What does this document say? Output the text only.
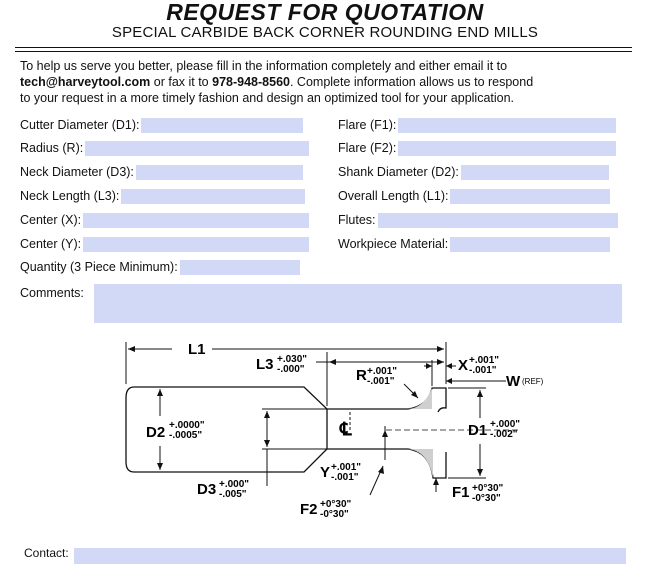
REQUEST FOR QUOTATION
SPECIAL CARBIDE BACK CORNER ROUNDING END MILLS
To help us serve you better, please fill in the information completely and either email it to
tech@harveytool.com or fax it to 978-948-8560. Complete information allows us to respond
to your request in a more timely fashion and design an optimized tool for your application.
Cutter Diameter (D1):
Radius (R):
Neck Diameter (D3):
Neck Length (L3):
Center (X):
Center (Y):
Quantity (3 Piece Minimum):
Flare (F1):
Flare (F2):
Shank Diameter (D2):
Overall Length (L1):
Flutes:
Workpiece Material:
Comments:
L1
L3 +.030"
-.000"	R +.001"
-.001"
X +.001"
-.001"
W (REF)
D2 +.0000"
-.0005"	℄	D1 +.000"
-.002"
Y +.001"
-.001"
D3 +.000"
-.005"	F1 +0°30"
-0°30"
F2 +0°30"
-0°30"
Contact:
